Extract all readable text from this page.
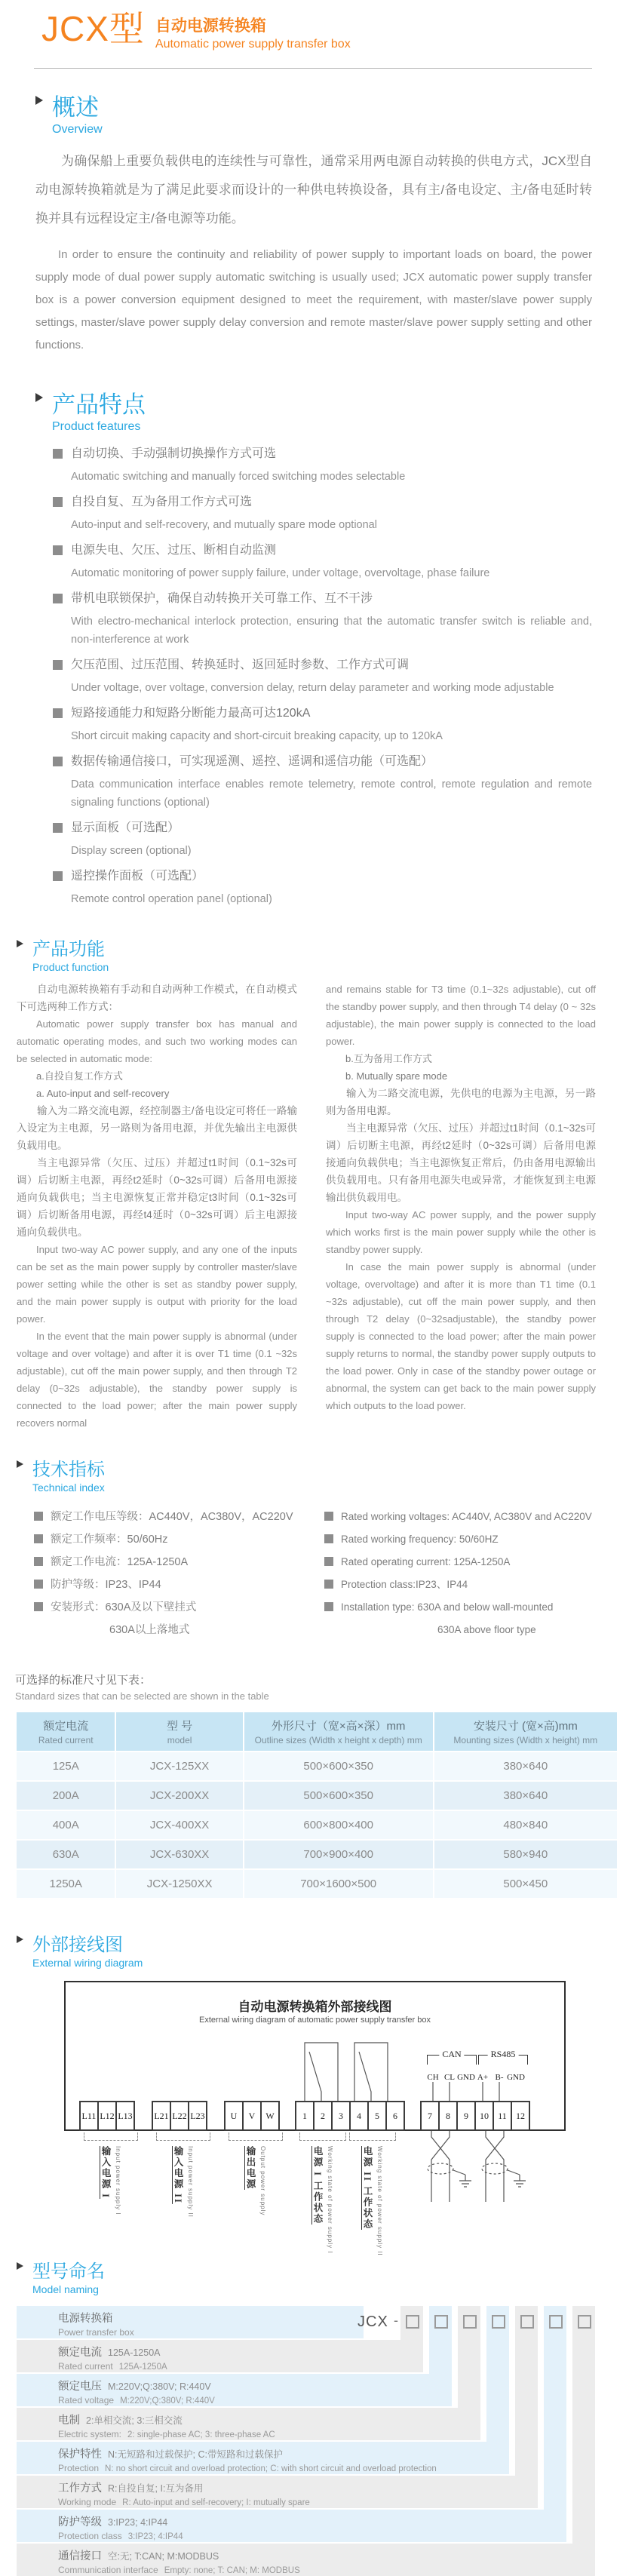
JCX型 自动电源转换箱
Automatic power supply transfer box
概述
Overview

为确保船上重要负载供电的连续性与可靠性，通常采用两电源自动转换的供电方式，JCX型自动电源转换箱就是为了满足此要求而设计的一种供电转换设备，具有主/备电设定、主/备电延时转换并具有远程设定主/备电源等功能。

In order to ensure the continuity and reliability of power supply to important loads on board, the power supply mode of dual power supply automatic switching is usually used; JCX automatic power supply transfer box is a power conversion equipment designed to meet the requirement, with master/slave power supply settings, master/slave power supply delay conversion and remote master/slave power supply setting and other functions.

产品特点
Product features
自动切换、手动强制切换操作方式可选
Automatic switching and manually forced switching modes selectable
自投自复、互为备用工作方式可选
Auto-input and self-recovery, and mutually spare mode optional
电源失电、欠压、过压、断相自动监测
Automatic monitoring of power supply failure, under voltage, overvoltage, phase failure
带机电联锁保护，确保自动转换开关可靠工作、互不干涉
With electro-mechanical interlock protection, ensuring that the automatic transfer switch is reliable and, non-interference at work
欠压范围、过压范围、转换延时、返回延时参数、工作方式可调
Under voltage, over voltage, conversion delay, return delay parameter and working mode adjustable
短路接通能力和短路分断能力最高可达120kA
Short circuit making capacity and short-circuit breaking capacity, up to 120kA
数据传输通信接口，可实现遥测、遥控、遥调和遥信功能（可选配）
Data communication interface enables remote telemetry, remote control, remote regulation and remote signaling functions (optional)
显示面板（可选配）
Display screen (optional)
遥控操作面板（可选配）
Remote control operation panel (optional)
产品功能
Product function

自动电源转换箱有手动和自动两种工作模式，在自动模式下可选两种工作方式：

Automatic power supply transfer box has manual and automatic operating modes, and such two working modes can be selected in automatic mode:

a.自投自复工作方式

a. Auto-input and self-recovery

输入为二路交流电源，经控制器主/备电设定可将任一路输入设定为主电源，另一路则为备用电源，并优先输出主电源供负载用电。

当主电源异常（欠压、过压）并超过t1时间（0.1~32s可调）后切断主电源，再经t2延时（0~32s可调）后备用电源接通向负载供电；当主电源恢复正常并稳定t3时间（0.1~32s可调）后切断备用电源，再经t4延时（0~32s可调）后主电源接通向负载供电。

Input two-way AC power supply, and any one of the inputs can be set as the main power supply by controller master/slave power setting while the other is set as standby power supply, and the main power supply is output with priority for the load power.

In the event that the main power supply is abnormal (under voltage and over voltage) and after it is over T1 time (0.1 ~32s adjustable), cut off the main power supply, and then through T2 delay (0~32s adjustable), the standby power supply is connected to the load power; after the main power supply recovers normal

and remains stable for T3 time (0.1~32s adjustable), cut off the standby power supply, and then through T4 delay (0 ~ 32s adjustable), the main power supply is connected to the load power.

b.互为备用工作方式

b. Mutually spare mode

输入为二路交流电源，先供电的电源为主电源，另一路则为备用电源。

当主电源异常（欠压、过压）并超过t1时间（0.1~32s可调）后切断主电源，再经t2延时（0~32s可调）后备用电源接通向负载供电；当主电源恢复正常后，仍由备用电源输出供负载用电。只有备用电源失电或异常，才能恢复到主电源输出供负载用电。

Input two-way AC power supply, and the power supply which works first is the main power supply while the other is standby power supply.

In case the main power supply is abnormal (under voltage, overvoltage) and after it is more than T1 time (0.1 ~32s adjustable), cut off the main power supply, and then through T2 delay (0~32sadjustable), the standby power supply is connected to the load power; after the main power supply returns to normal, the standby power supply outputs to the load power. Only in case of the standby power outage or abnormal, the system can get back to the main power supply which outputs to the load power.

技术指标
Technical index
额定工作电压等级：AC440V，AC380V，AC220V
额定工作频率：50/60Hz
额定工作电流：125A-1250A
防护等级：IP23、IP44
安装形式：630A及以下壁挂式
630A以上落地式
Rated working voltages: AC440V, AC380V and AC220V
Rated working frequency: 50/60HZ
Rated operating current: 125A-1250A
Protection class:IP23、IP44
Installation type: 630A and below wall-mounted
630A above floor type
可选择的标准尺寸见下表：
Standard sizes that can be selected are shown in the table
额定电流
Rated current

型 号
model

外形尺寸（宽×高×深）mm
Outline sizes (Width x height x depth) mm

安装尺寸 (宽×高)mm
Mounting sizes (Width x height) mm

125A	JCX-125XX	500×600×350	380×640
200A	JCX-200XX	500×600×350	380×640
400A	JCX-400XX	600×800×400	480×840
630A	JCX-630XX	700×900×400	580×940
1250A	JCX-1250XX	700×1600×500	500×450
外部接线图
External wiring diagram
自动电源转换箱外部接线图
External wiring diagram of automatic power supply transfer box
CAN	RS485
CH CL GND A+ B- GND
L11 L12 L13 L21 L22 L23	U	V	W	1	2	3	4	5	6	7	8	9	10	11	12
输入电源 I Input power supply I	输入电源 II Input power supply II	输出电源 Output power supply	电源 I 工作状态 Working state of power supply I	电源 II 工作状态 Working state of power supply II
型号命名
Model naming
JCX -
电源转换箱
Power transfer box
额定电流 125A-1250A
Rated current 125A-1250A
额定电压 M:220V;Q:380V; R:440V
Rated voltage M:220V;Q:380V; R:440V
电制 2:单相交流; 3:三相交流
Electric system: 2: single-phase AC; 3: three-phase AC
保护特性 N:无短路和过载保护; C:带短路和过载保护
Protection N: no short circuit and overload protection; C: with short circuit and overload protection
工作方式 R:自投自复; I:互为备用
Working mode R: Auto-input and self-recovery; I: mutually spare
防护等级 3:IP23; 4:IP44
Protection class 3:IP23; 4:IP44
通信接口 空:无; T:CAN; M:MODBUS
Communication interface Empty: none; T: CAN; M: MODBUS
